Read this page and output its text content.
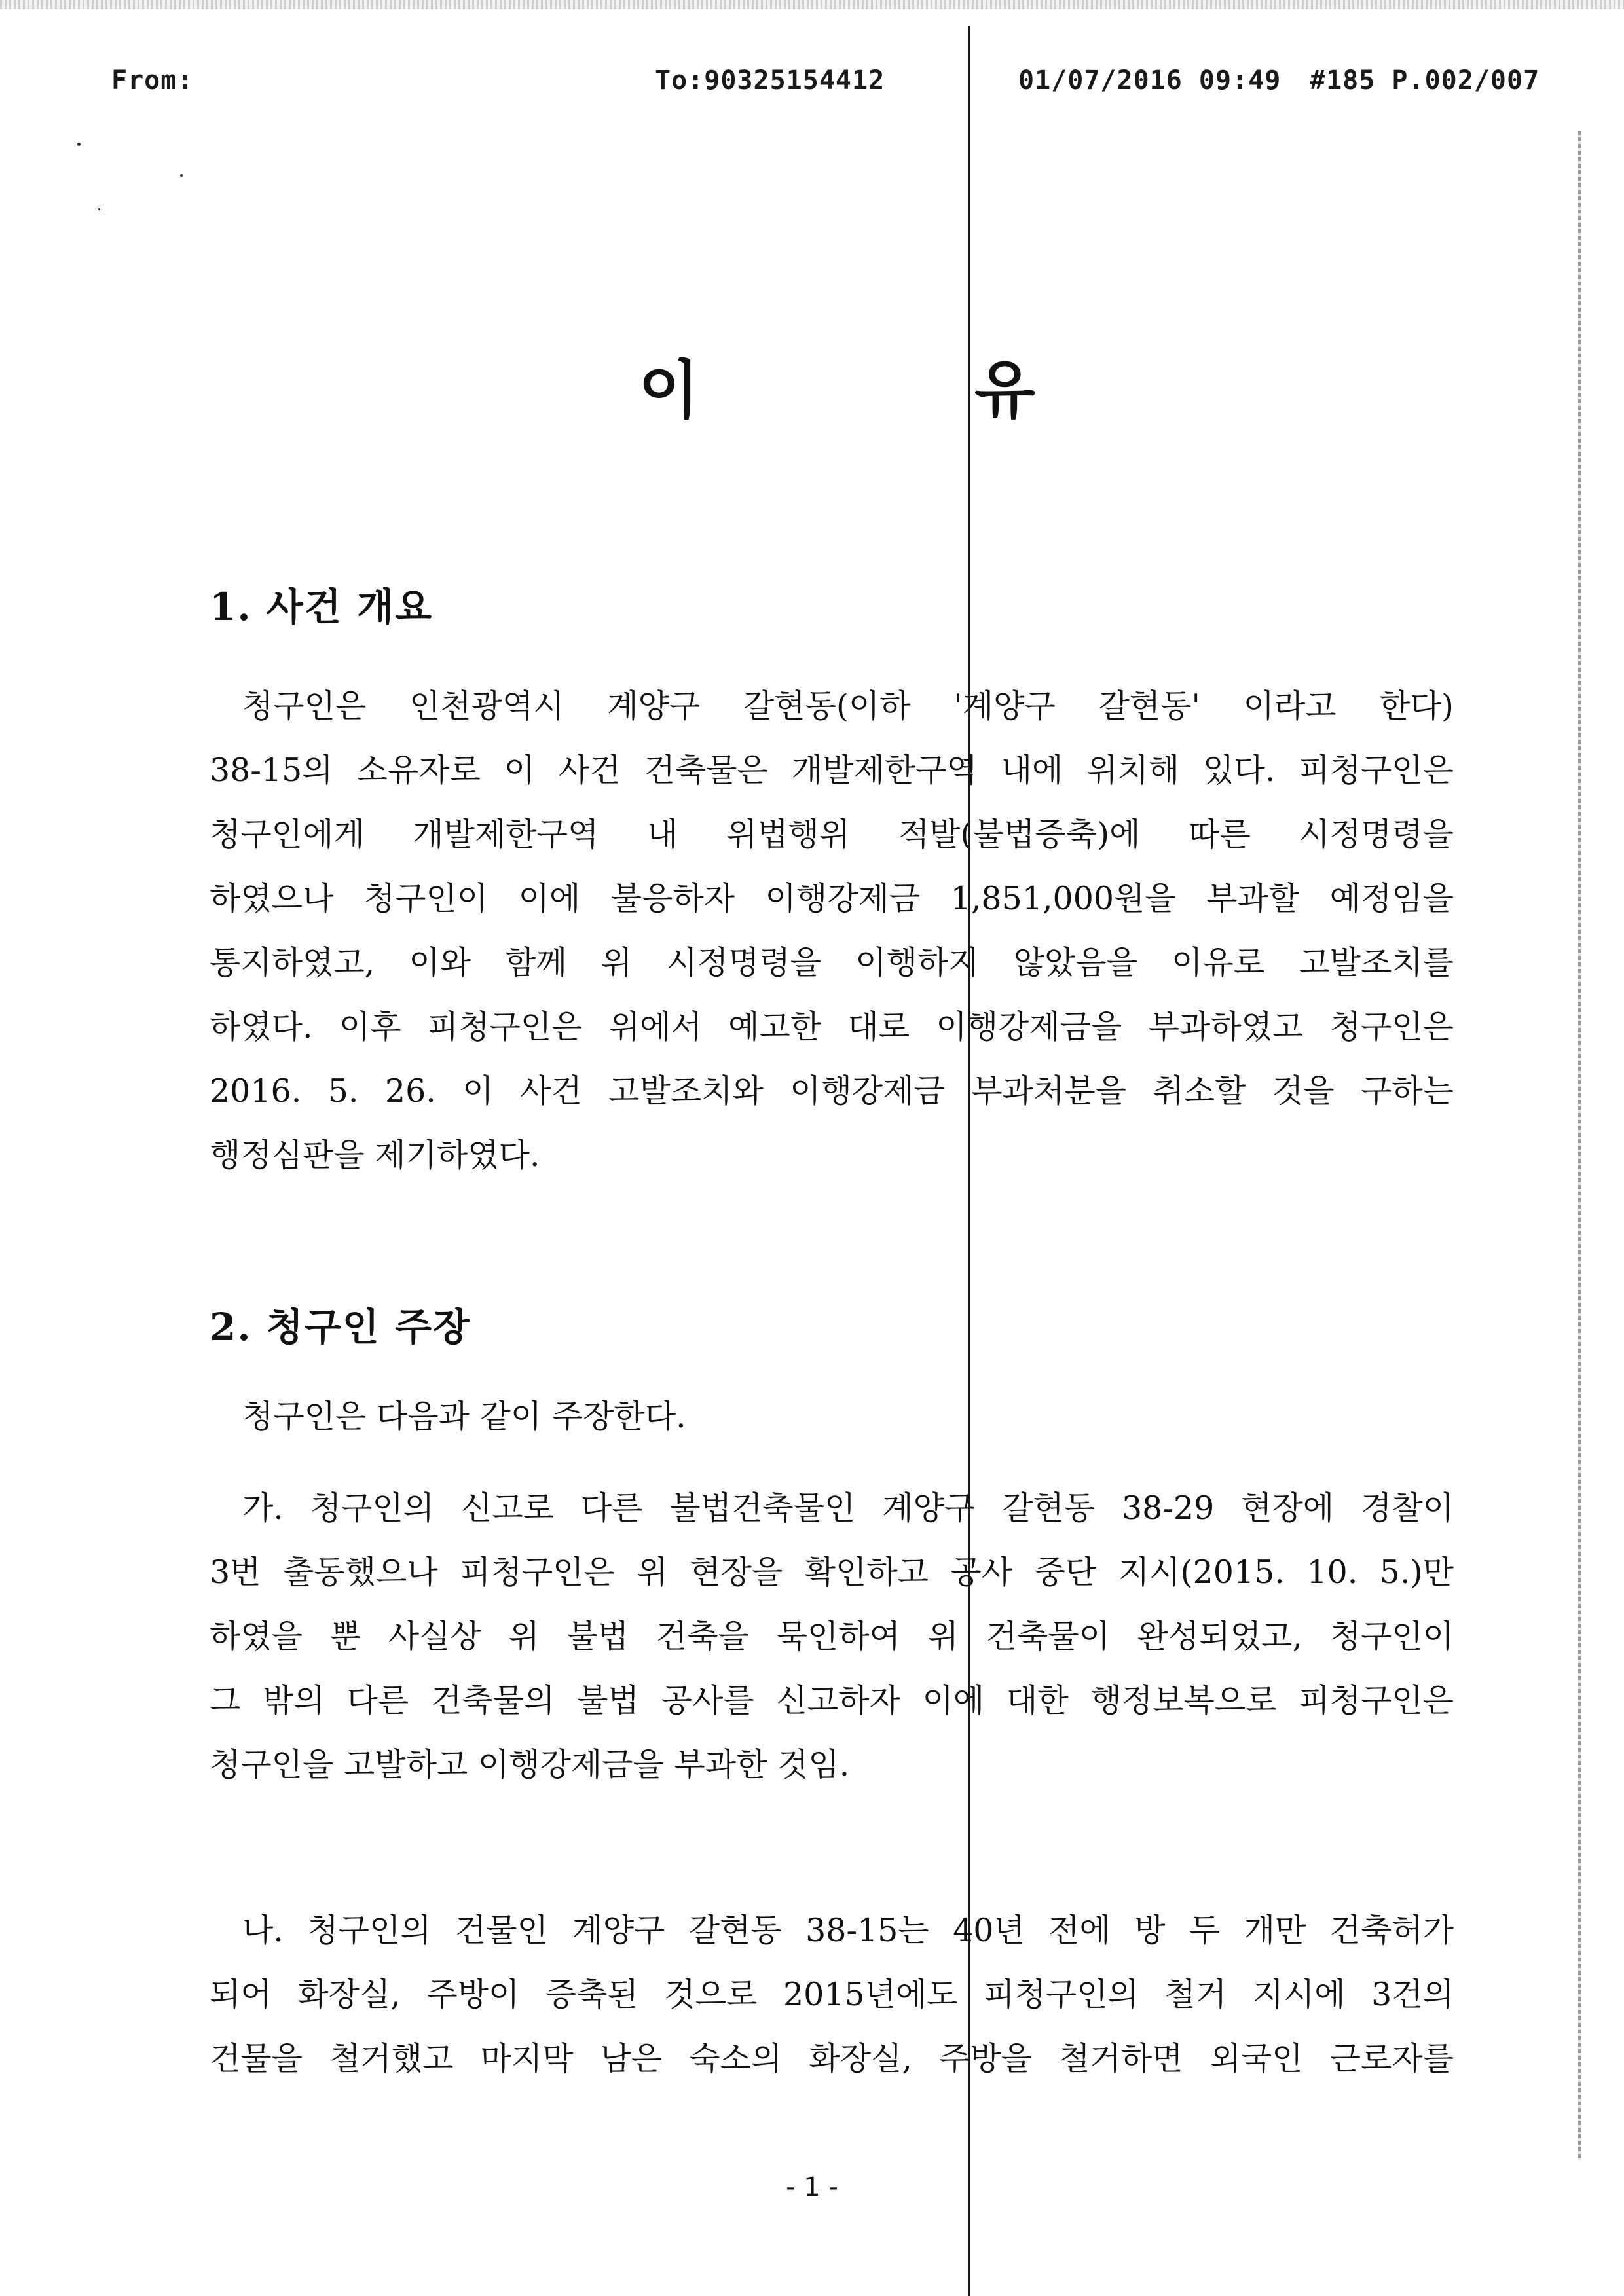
From:	To:90325154412	01/07/2016 09:49 #185 P.002/007
이	유
1. 사건 개요
청구인은 인천광역시 계양구 갈현동(이하 '계양구 갈현동' 이라고 한다)
38-15의 소유자로 이 사건 건축물은 개발제한구역 내에 위치해 있다. 피청구인은
청구인에게 개발제한구역 내 위법행위 적발(불법증축)에 따른 시정명령을
하였으나 청구인이 이에 불응하자 이행강제금 1,851,000원을 부과할 예정임을
통지하였고, 이와 함께 위 시정명령을 이행하지 않았음을 이유로 고발조치를
하였다. 이후 피청구인은 위에서 예고한 대로 이행강제금을 부과하였고 청구인은
2016. 5. 26. 이 사건 고발조치와 이행강제금 부과처분을 취소할 것을 구하는
행정심판을 제기하였다.
2. 청구인 주장
청구인은 다음과 같이 주장한다.
가. 청구인의 신고로 다른 불법건축물인 계양구 갈현동 38-29 현장에 경찰이
3번 출동했으나 피청구인은 위 현장을 확인하고 공사 중단 지시(2015. 10. 5.)만
하였을 뿐 사실상 위 불법 건축을 묵인하여 위 건축물이 완성되었고, 청구인이
그 밖의 다른 건축물의 불법 공사를 신고하자 이에 대한 행정보복으로 피청구인은
청구인을 고발하고 이행강제금을 부과한 것임.
나. 청구인의 건물인 계양구 갈현동 38-15는 40년 전에 방 두 개만 건축허가
되어 화장실, 주방이 증축된 것으로 2015년에도 피청구인의 철거 지시에 3건의
건물을 철거했고 마지막 남은 숙소의 화장실, 주방을 철거하면 외국인 근로자를
- 1 -
